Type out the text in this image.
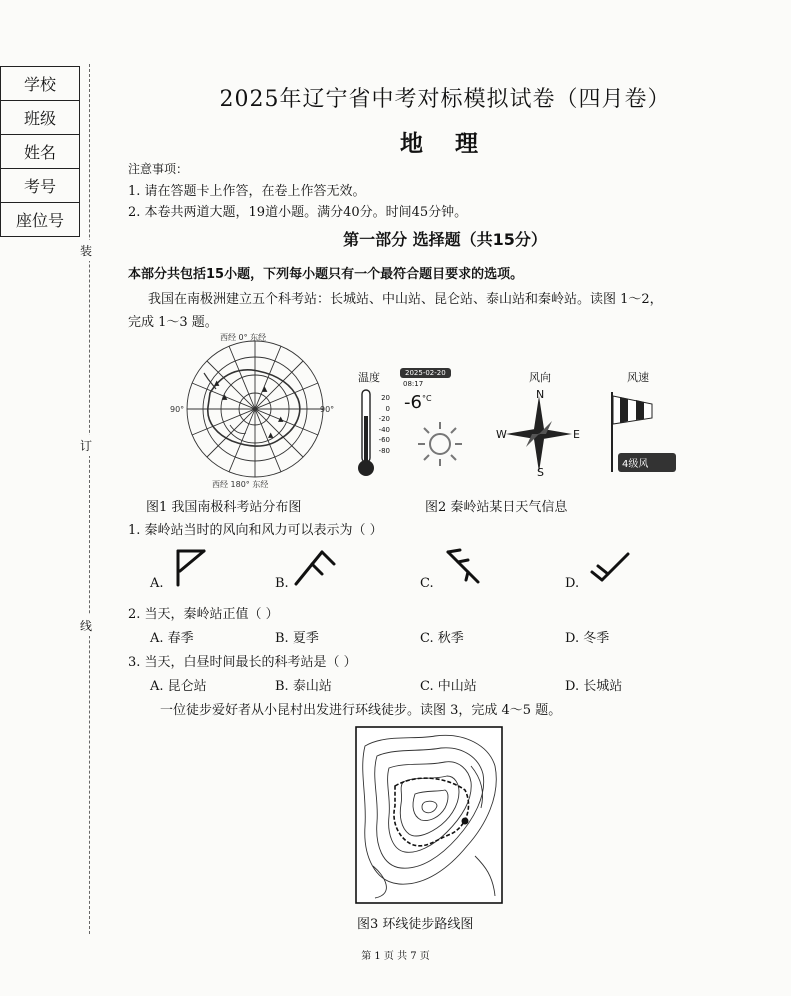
学校
班级
姓名
考号
座位号
装
订
线
2025年辽宁省中考对标模拟试卷（四月卷）
地 理
注意事项：
1. 请在答题卡上作答，在卷上作答无效。
2. 本卷共两道大题，19道小题。满分40分。时间45分钟。
第一部分 选择题（共15分）
本部分共包括15小题，下列每小题只有一个最符合题目要求的选项。
我国在南极洲建立五个科考站：长城站、中山站、昆仑站、泰山站和秦岭站。读图 1～2，
完成 1～3 题。
▲
▲
▲
▲
▲
西经 0° 东经
西经 180° 东经
90°	90°
温度
20
0
-20
-40
-60
-80
2025-02-20
08:17
$-6^{^\circ C}$
风向
N
S
W	E
风速
4级风
图1 我国南极科考站分布图	图2 秦岭站某日天气信息
1. 秦岭站当时的风向和风力可以表示为（ ）
A.	B.	C.	D.
2. 当天，秦岭站正值（ ）
A. 春季	B. 夏季	C. 秋季	D. 冬季
3. 当天，白昼时间最长的科考站是（ ）
A. 昆仑站	B. 泰山站	C. 中山站	D. 长城站
一位徒步爱好者从小昆村出发进行环线徒步。读图 3，完成 4～5 题。
图3 环线徒步路线图
第 1 页 共 7 页
